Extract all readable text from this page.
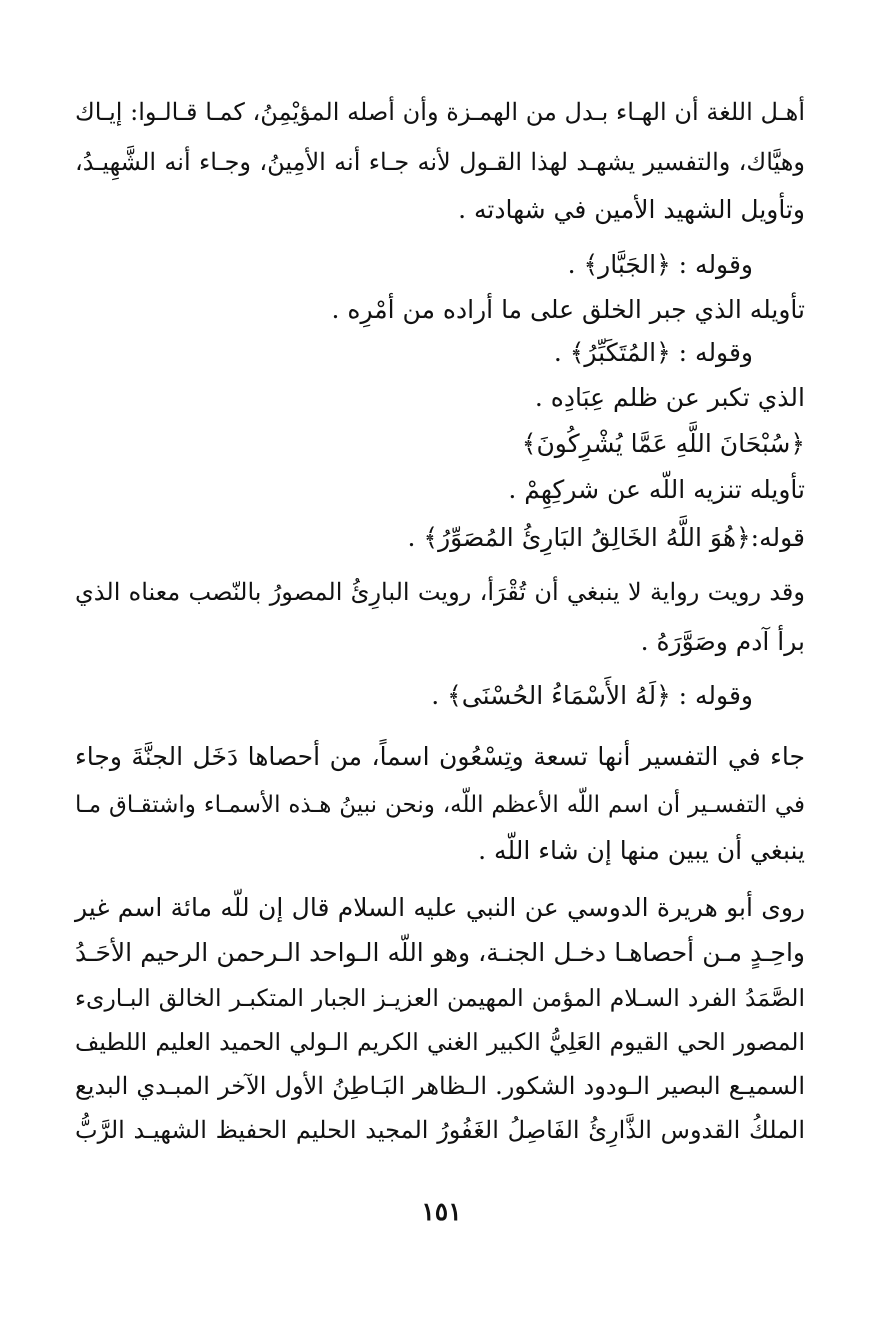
أهـل اللغة أن الهـاء بـدل من الهمـزة وأن أصله المؤيْمِنُ، كمـا قـالـوا: إيـاك
وهيَّاك، والتفسير يشهـد لهذا القـول لأنه جـاء أنه الأمِينُ، وجـاء أنه الشَّهِيـدُ،
وتأويل الشهيد الأمين في شهادته .
وقوله : ﴿الجَبَّار﴾ .
تأويله الذي جبر الخلق على ما أراده من أمْرِه .
وقوله : ﴿المُتَكَبِّرُ﴾ .
الذي تكبر عن ظلم عِبَادِه .
﴿سُبْحَانَ اللَّهِ عَمَّا يُشْرِكُونَ﴾
تأويله تنزيه اللّه عن شركِهِمْ .
قوله:﴿هُوَ اللَّهُ الخَالِقُ البَارِئُ المُصَوِّرُ﴾ .
وقد رويت رواية لا ينبغي أن تُقْرَأ، رويت البارِئُ المصورُ بالنّصب معناه الذي
برأ آدم وصَوَّرَهُ .
وقوله : ﴿لَهُ الأَسْمَاءُ الحُسْنَى﴾ .
جاء في التفسير أنها تسعة وتِسْعُون اسماً، من أحصاها دَخَل الجنَّةَ وجاء
في التفسـير أن اسم اللّه الأعظم اللّه، ونحن نبينُ هـذه الأسمـاء واشتقـاق مـا
ينبغي أن يبين منها إن شاء اللّه .
روى أبو هريرة الدوسي عن النبي عليه السلام قال إن للّه مائة اسم غير
واحِـدٍ مـن أحصاهـا دخـل الجنـة، وهو اللّه الـواحد الـرحمن الرحيم الأحَـدُ
الصَّمَدُ الفرد السـلام المؤمن المهيمن العزيـز الجبار المتكبـر الخالق البـارىء
المصور الحي القيوم العَلِيُّ الكبير الغني الكريم الـولي الحميد العليم اللطيف
السميـع البصير الـودود الشكور. الـظاهر البَـاطِنُ الأول الآخر المبـدي البديع
الملكُ القدوس الذَّارِئُ الفَاصِلُ الغَفُورُ المجيد الحليم الحفيظ الشهيـد الرَّبُّ
١٥١
